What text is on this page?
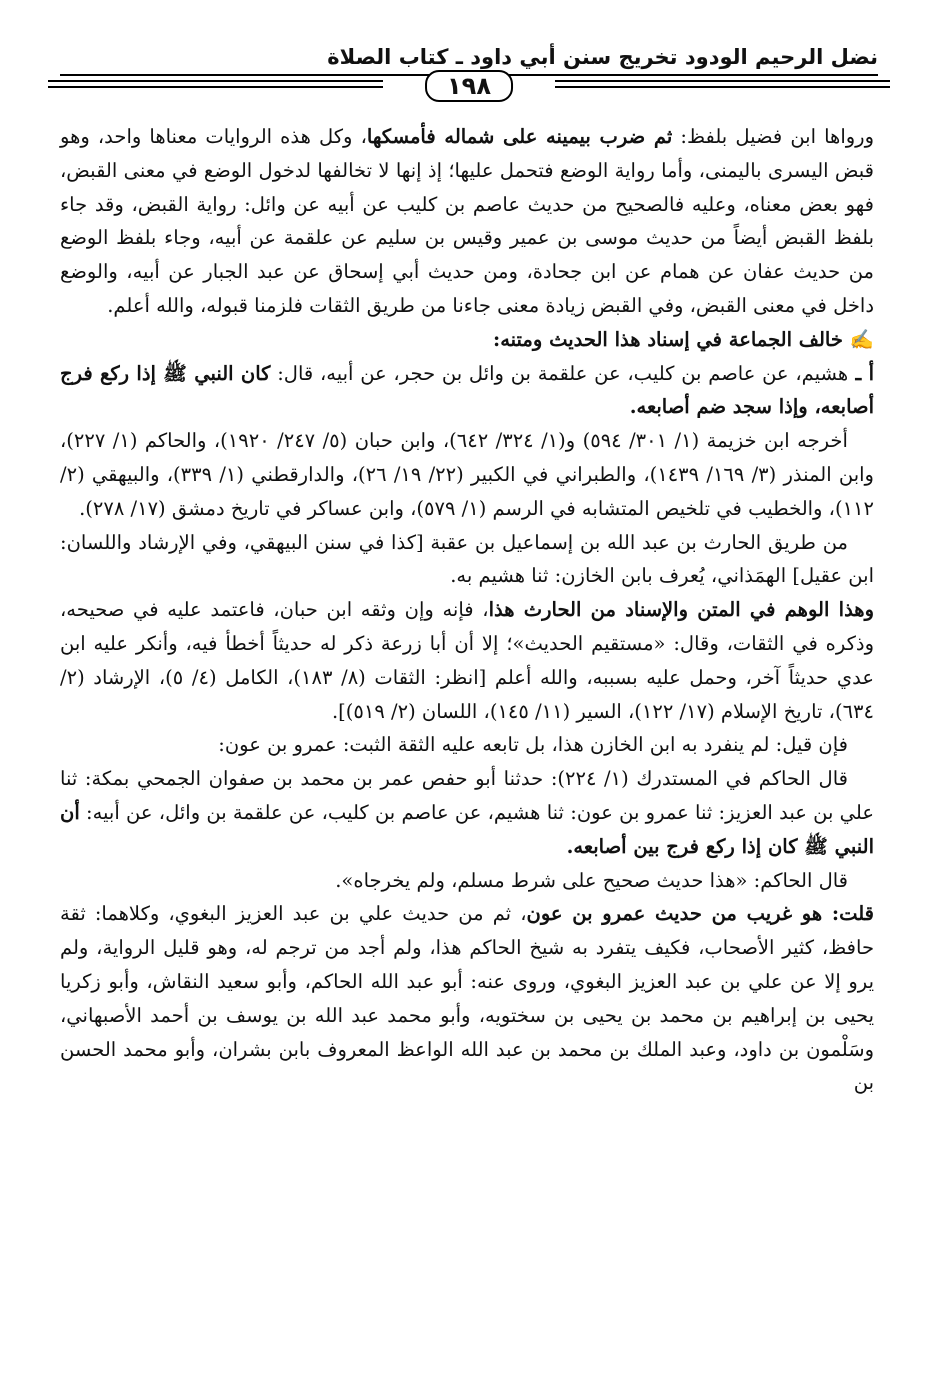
نضل الرحيم الودود تخريج سنن أبي داود ـ كتاب الصلاة
١٩٨

ورواها ابن فضيل بلفظ: ثم ضرب بيمينه على شماله فأمسكها، وكل هذه الروايات معناها واحد، وهو قبض اليسرى باليمنى، وأما رواية الوضع فتحمل عليها؛ إذ إنها لا تخالفها لدخول الوضع في معنى القبض، فهو بعض معناه، وعليه فالصحيح من حديث عاصم بن كليب عن أبيه عن وائل: رواية القبض، وقد جاء بلفظ القبض أيضاً من حديث موسى بن عمير وقيس بن سليم عن علقمة عن أبيه، وجاء بلفظ الوضع من حديث عفان عن همام عن ابن جحادة، ومن حديث أبي إسحاق عن عبد الجبار عن أبيه، والوضع داخل في معنى القبض، وفي القبض زيادة معنى جاءنا من طريق الثقات فلزمنا قبوله، والله أعلم.

✍ خالف الجماعة في إسناد هذا الحديث ومتنه:

أ ـ هشيم، عن عاصم بن كليب، عن علقمة بن وائل بن حجر، عن أبيه، قال: كان النبي ﷺ إذا ركع فرج أصابعه، وإذا سجد ضم أصابعه.

أخرجه ابن خزيمة (١/ ٣٠١/ ٥٩٤) و(١/ ٣٢٤/ ٦٤٢)، وابن حبان (٥/ ٢٤٧/ ١٩٢٠)، والحاكم (١/ ٢٢٧)، وابن المنذر (٣/ ١٦٩/ ١٤٣٩)، والطبراني في الكبير (٢٢/ ١٩/ ٢٦)، والدارقطني (١/ ٣٣٩)، والبيهقي (٢/ ١١٢)، والخطيب في تلخيص المتشابه في الرسم (١/ ٥٧٩)، وابن عساكر في تاريخ دمشق (١٧/ ٢٧٨).

من طريق الحارث بن عبد الله بن إسماعيل بن عقبة [كذا في سنن البيهقي، وفي الإرشاد واللسان: ابن عقيل] الهمَذاني، يُعرف بابن الخازن: ثنا هشيم به.

وهذا الوهم في المتن والإسناد من الحارث هذا، فإنه وإن وثقه ابن حبان، فاعتمد عليه في صحيحه، وذكره في الثقات، وقال: «مستقيم الحديث»؛ إلا أن أبا زرعة ذكر له حديثاً أخطأ فيه، وأنكر عليه ابن عدي حديثاً آخر، وحمل عليه بسببه، والله أعلم [انظر: الثقات (٨/ ١٨٣)، الكامل (٤/ ٥)، الإرشاد (٢/ ٦٣٤)، تاريخ الإسلام (١٧/ ١٢٢)، السير (١١/ ١٤٥)، اللسان (٢/ ٥١٩)].

فإن قيل: لم ينفرد به ابن الخازن هذا، بل تابعه عليه الثقة الثبت: عمرو بن عون:

قال الحاكم في المستدرك (١/ ٢٢٤): حدثنا أبو حفص عمر بن محمد بن صفوان الجمحي بمكة: ثنا علي بن عبد العزيز: ثنا عمرو بن عون: ثنا هشيم، عن عاصم بن كليب، عن علقمة بن وائل، عن أبيه: أن النبي ﷺ كان إذا ركع فرج بين أصابعه.

قال الحاكم: «هذا حديث صحيح على شرط مسلم، ولم يخرجاه».

قلت: هو غريب من حديث عمرو بن عون، ثم من حديث علي بن عبد العزيز البغوي، وكلاهما: ثقة حافظ، كثير الأصحاب، فكيف يتفرد به شيخ الحاكم هذا، ولم أجد من ترجم له، وهو قليل الرواية، ولم يرو إلا عن علي بن عبد العزيز البغوي، وروى عنه: أبو عبد الله الحاكم، وأبو سعيد النقاش، وأبو زكريا يحيى بن إبراهيم بن محمد بن يحيى بن سختويه، وأبو محمد عبد الله بن يوسف بن أحمد الأصبهاني، وسَلْمون بن داود، وعبد الملك بن محمد بن عبد الله الواعظ المعروف بابن بشران، وأبو محمد الحسن بن
